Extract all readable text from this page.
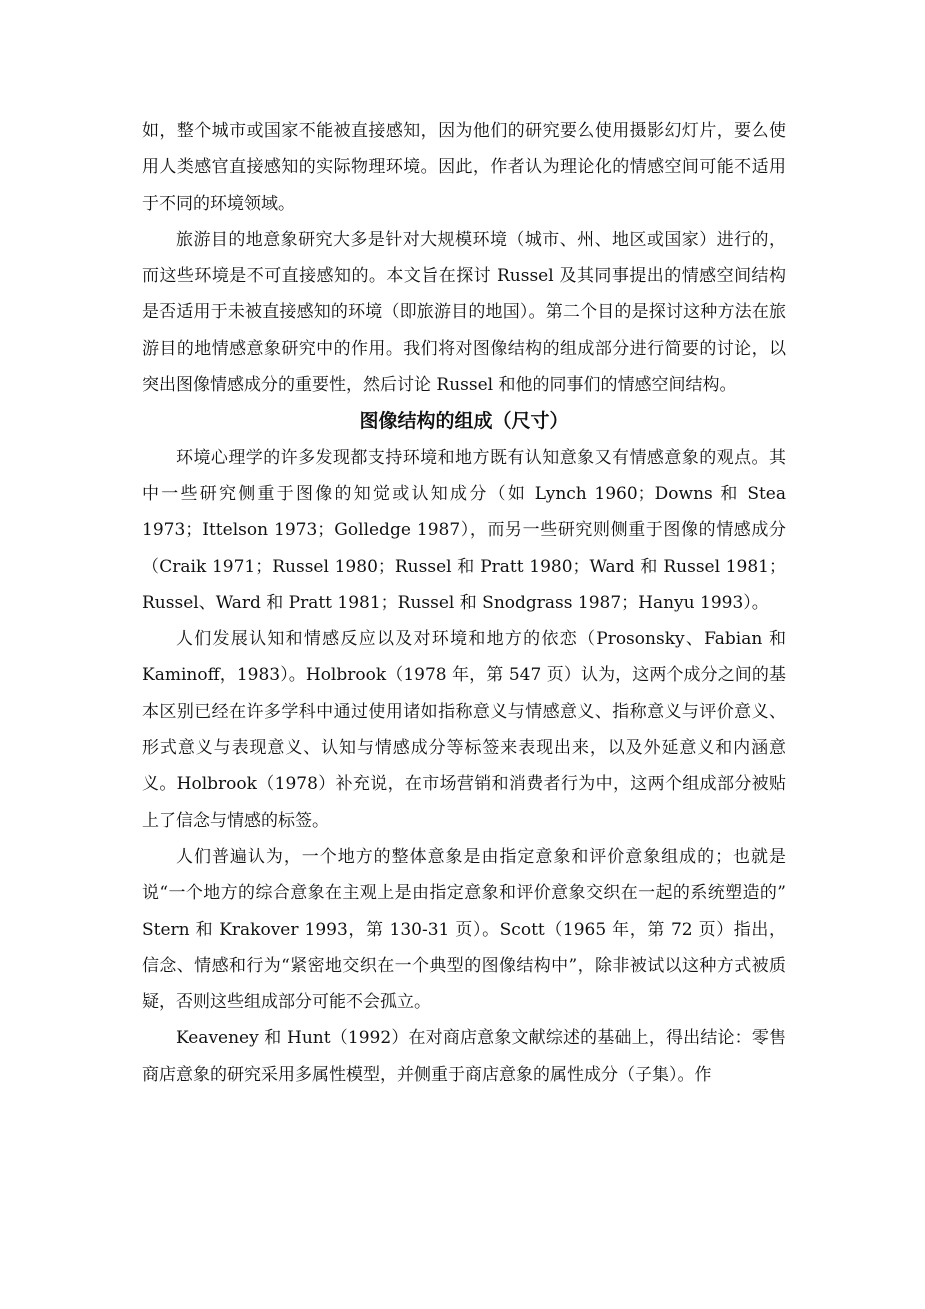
如，整个城市或国家不能被直接感知，因为他们的研究要么使用摄影幻灯片，要么使用人类感官直接感知的实际物理环境。因此，作者认为理论化的情感空间可能不适用于不同的环境领域。

旅游目的地意象研究大多是针对大规模环境（城市、州、地区或国家）进行的，而这些环境是不可直接感知的。本文旨在探讨 Russel 及其同事提出的情感空间结构是否适用于未被直接感知的环境（即旅游目的地国）。第二个目的是探讨这种方法在旅游目的地情感意象研究中的作用。我们将对图像结构的组成部分进行简要的讨论，以突出图像情感成分的重要性，然后讨论 Russel 和他的同事们的情感空间结构。

图像结构的组成（尺寸）

环境心理学的许多发现都支持环境和地方既有认知意象又有情感意象的观点。其中一些研究侧重于图像的知觉或认知成分（如 Lynch 1960；Downs 和 Stea 1973；Ittelson 1973；Golledge 1987），而另一些研究则侧重于图像的情感成分（Craik 1971；Russel 1980；Russel 和 Pratt 1980；Ward 和 Russel 1981；Russel、Ward 和 Pratt 1981；Russel 和 Snodgrass 1987；Hanyu 1993）。

人们发展认知和情感反应以及对环境和地方的依恋（Prosonsky、Fabian 和 Kaminoff，1983）。Holbrook（1978 年，第 547 页）认为，这两个成分之间的基本区别已经在许多学科中通过使用诸如指称意义与情感意义、指称意义与评价意义、形式意义与表现意义、认知与情感成分等标签来表现出来，以及外延意义和内涵意义。Holbrook（1978）补充说，在市场营销和消费者行为中，这两个组成部分被贴上了信念与情感的标签。

人们普遍认为，一个地方的整体意象是由指定意象和评价意象组成的；也就是说“一个地方的综合意象在主观上是由指定意象和评价意象交织在一起的系统塑造的” Stern 和 Krakover 1993，第 130-31 页）。Scott（1965 年，第 72 页）指出，信念、情感和行为“紧密地交织在一个典型的图像结构中”，除非被试以这种方式被质疑，否则这些组成部分可能不会孤立。

Keaveney 和 Hunt（1992）在对商店意象文献综述的基础上，得出结论：零售商店意象的研究采用多属性模型，并侧重于商店意象的属性成分（子集）。作
